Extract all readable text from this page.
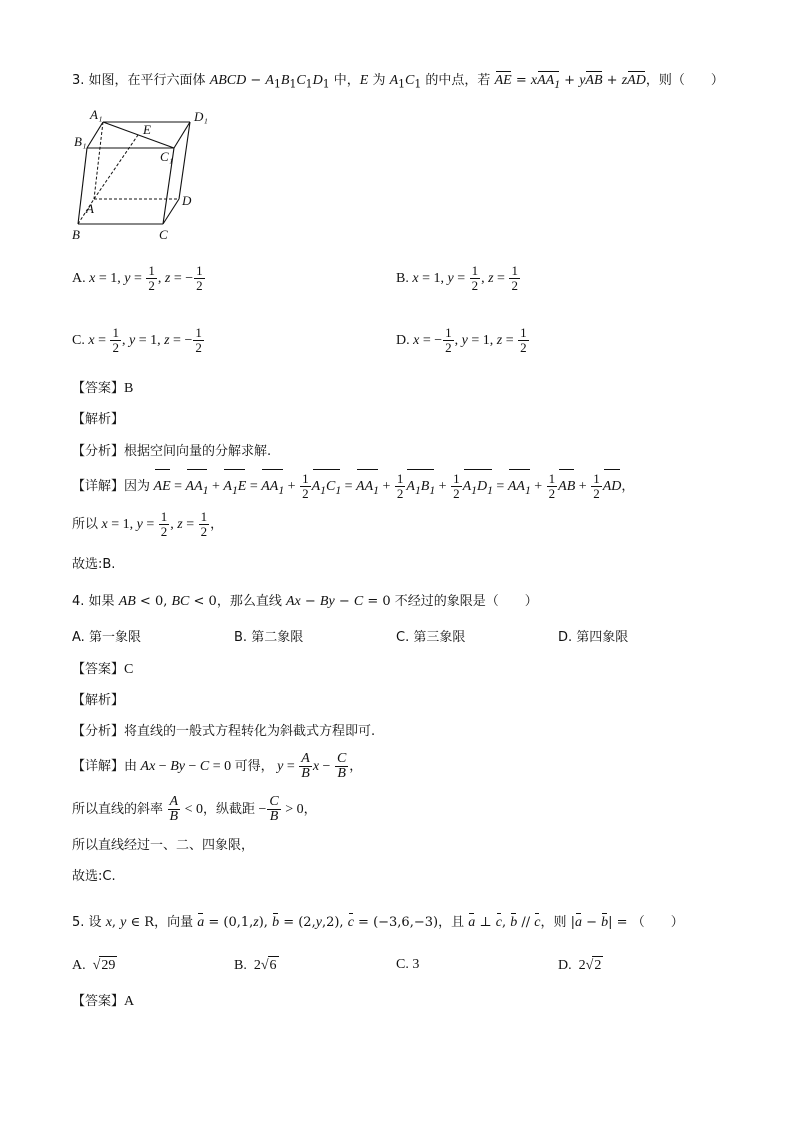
3. 如图，在平行六面体 ABCD − $A_1B_1C_1D_1$ 中，E 为 $A_1C_1$ 的中点，若 AE = xAA$_1$ + yAB + zAD，则（　　）
A₁	D₁
B₁
E
C₁
A
D
B	C
A. x = 1, $y = \frac{1}{2}$ , z = − $\frac{1}{2}$	B. x = 1, $y = \frac{1}{2}$ , $z = \frac{1}{2}$
C. $x = \frac{1}{2}$ , y = 1, z = − $\frac{1}{2}$	D. x = − $\frac{1}{2}$ , y = 1, $z = \frac{1}{2}$
【答案】B
【解析】
【分析】根据空间向量的分解求解.
【详解】因为 AE = $AA_1 + A_1E = AA_1 + \frac{1}{2} A_1C_1 = AA_1 + \frac{1}{2} A_1B_1 + \frac{1}{2} A_1D_1 = AA_1 + \frac{1}{2}$ AB + $\frac{1}{2}$ AD，
所以 x = 1, $y = \frac{1}{2}$ , $z = \frac{1}{2}$ ，
故选:B.
4. 如果 AB < 0, BC < 0，那么直线 Ax − By − C = 0 不经过的象限是（　　）
A. 第一象限	B. 第二象限	C. 第三象限	D. 第四象限
【答案】C
【解析】
【分析】将直线的一般式方程转化为斜截式方程即可.
【详解】由 Ax − By − C = 0 可得， $y = \frac{A}{B}$ $x - \frac{C}{B}$ ，
所以直线的斜率 $\frac{A}{B} < 0$，纵截距 − $\frac{C}{B} > 0$，
所以直线经过一、二、四象限，
故选:C.
5. 设 x, y ∈ R，向量 a = (0,1,z), b = (2,y,2), c = (−3,6,−3)，且 a ⊥ c, b // c，则 |a − b| = （　　）
A.  √29	B.  2√6	C. 3	D.  2√2
【答案】A
